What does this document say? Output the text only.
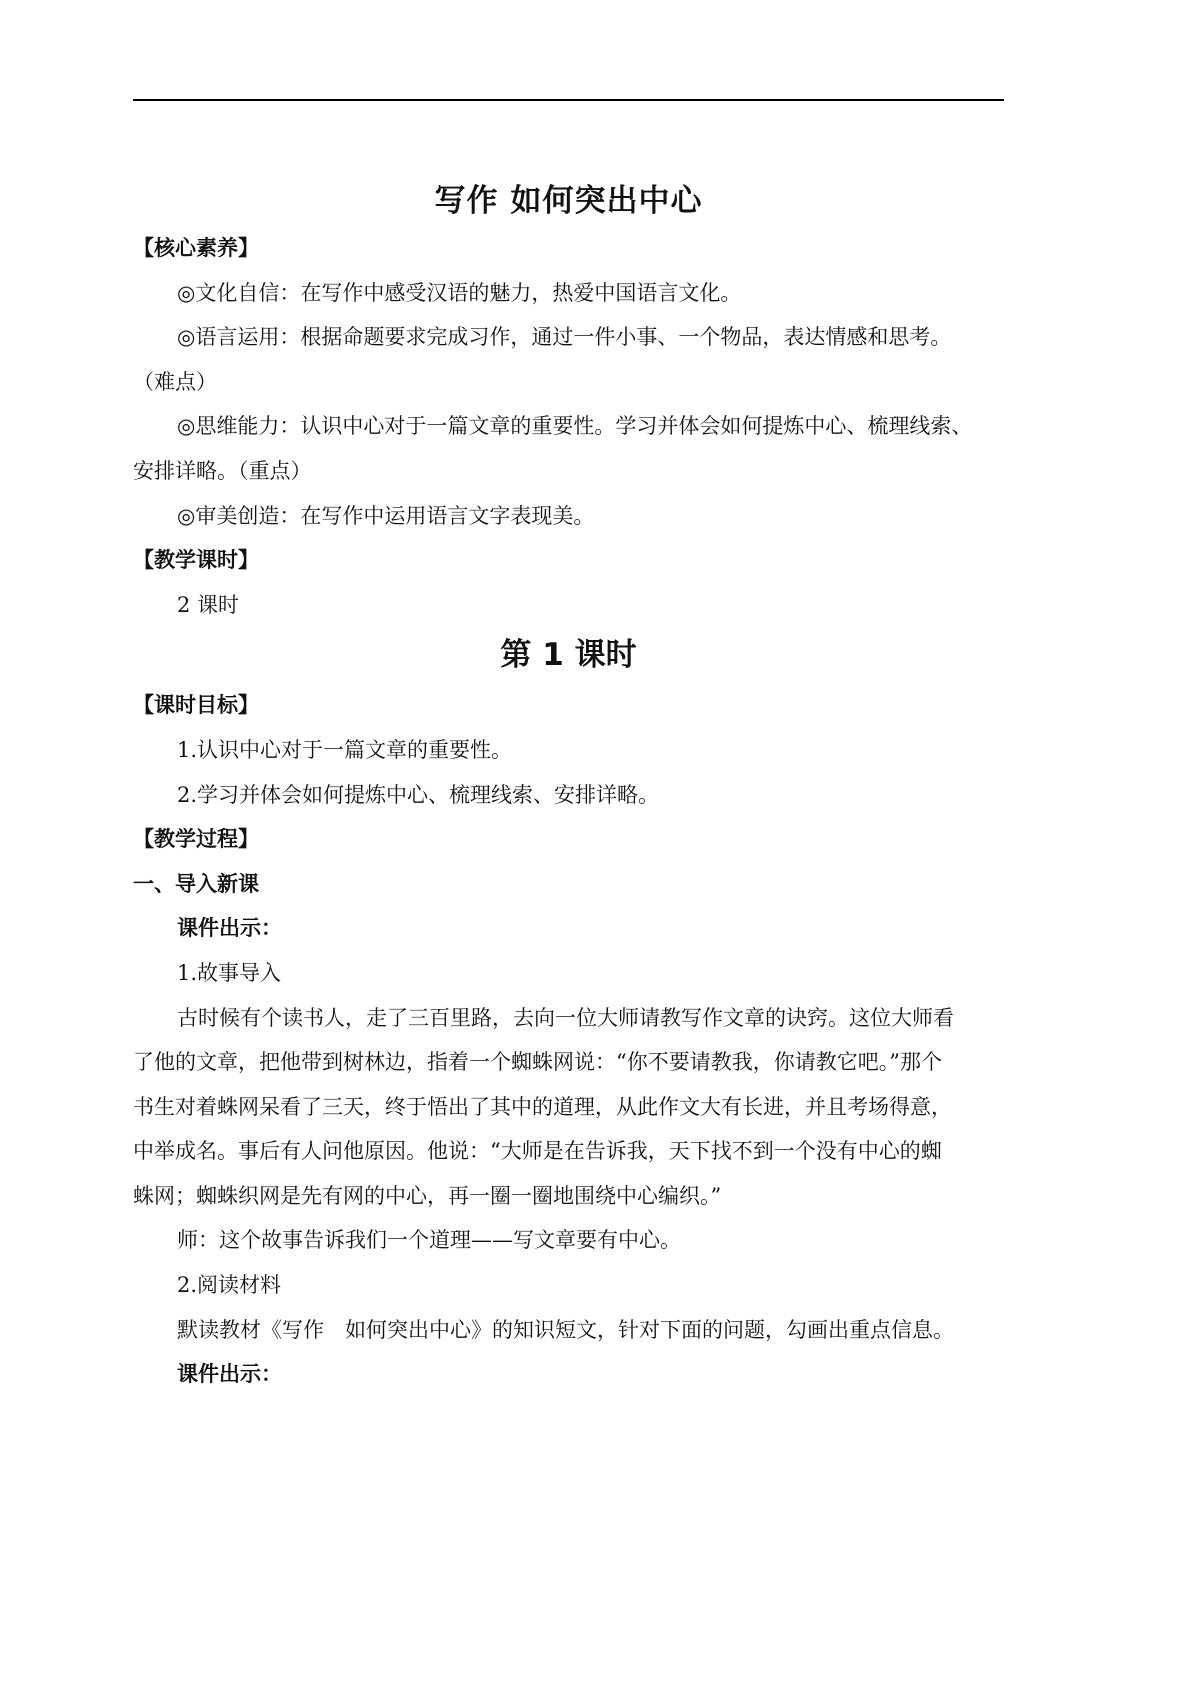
写作 如何突出中心

【核心素养】

◎文化自信：在写作中感受汉语的魅力，热爱中国语言文化。

◎语言运用：根据命题要求完成习作，通过一件小事、一个物品，表达情感和思考。

（难点）

◎思维能力：认识中心对于一篇文章的重要性。学习并体会如何提炼中心、梳理线索、

安排详略。（重点）

◎审美创造：在写作中运用语言文字表现美。

【教学课时】

2 课时

第 1 课时

【课时目标】

1.认识中心对于一篇文章的重要性。

2.学习并体会如何提炼中心、梳理线索、安排详略。

【教学过程】

一、导入新课

课件出示：

1.故事导入

古时候有个读书人，走了三百里路，去向一位大师请教写作文章的诀窍。这位大师看

了他的文章，把他带到树林边，指着一个蜘蛛网说：“你不要请教我，你请教它吧。”那个

书生对着蛛网呆看了三天，终于悟出了其中的道理，从此作文大有长进，并且考场得意，

中举成名。事后有人问他原因。他说：“大师是在告诉我，天下找不到一个没有中心的蜘

蛛网；蜘蛛织网是先有网的中心，再一圈一圈地围绕中心编织。”

师：这个故事告诉我们一个道理——写文章要有中心。

2.阅读材料

默读教材《写作　如何突出中心》的知识短文，针对下面的问题，勾画出重点信息。

课件出示：
